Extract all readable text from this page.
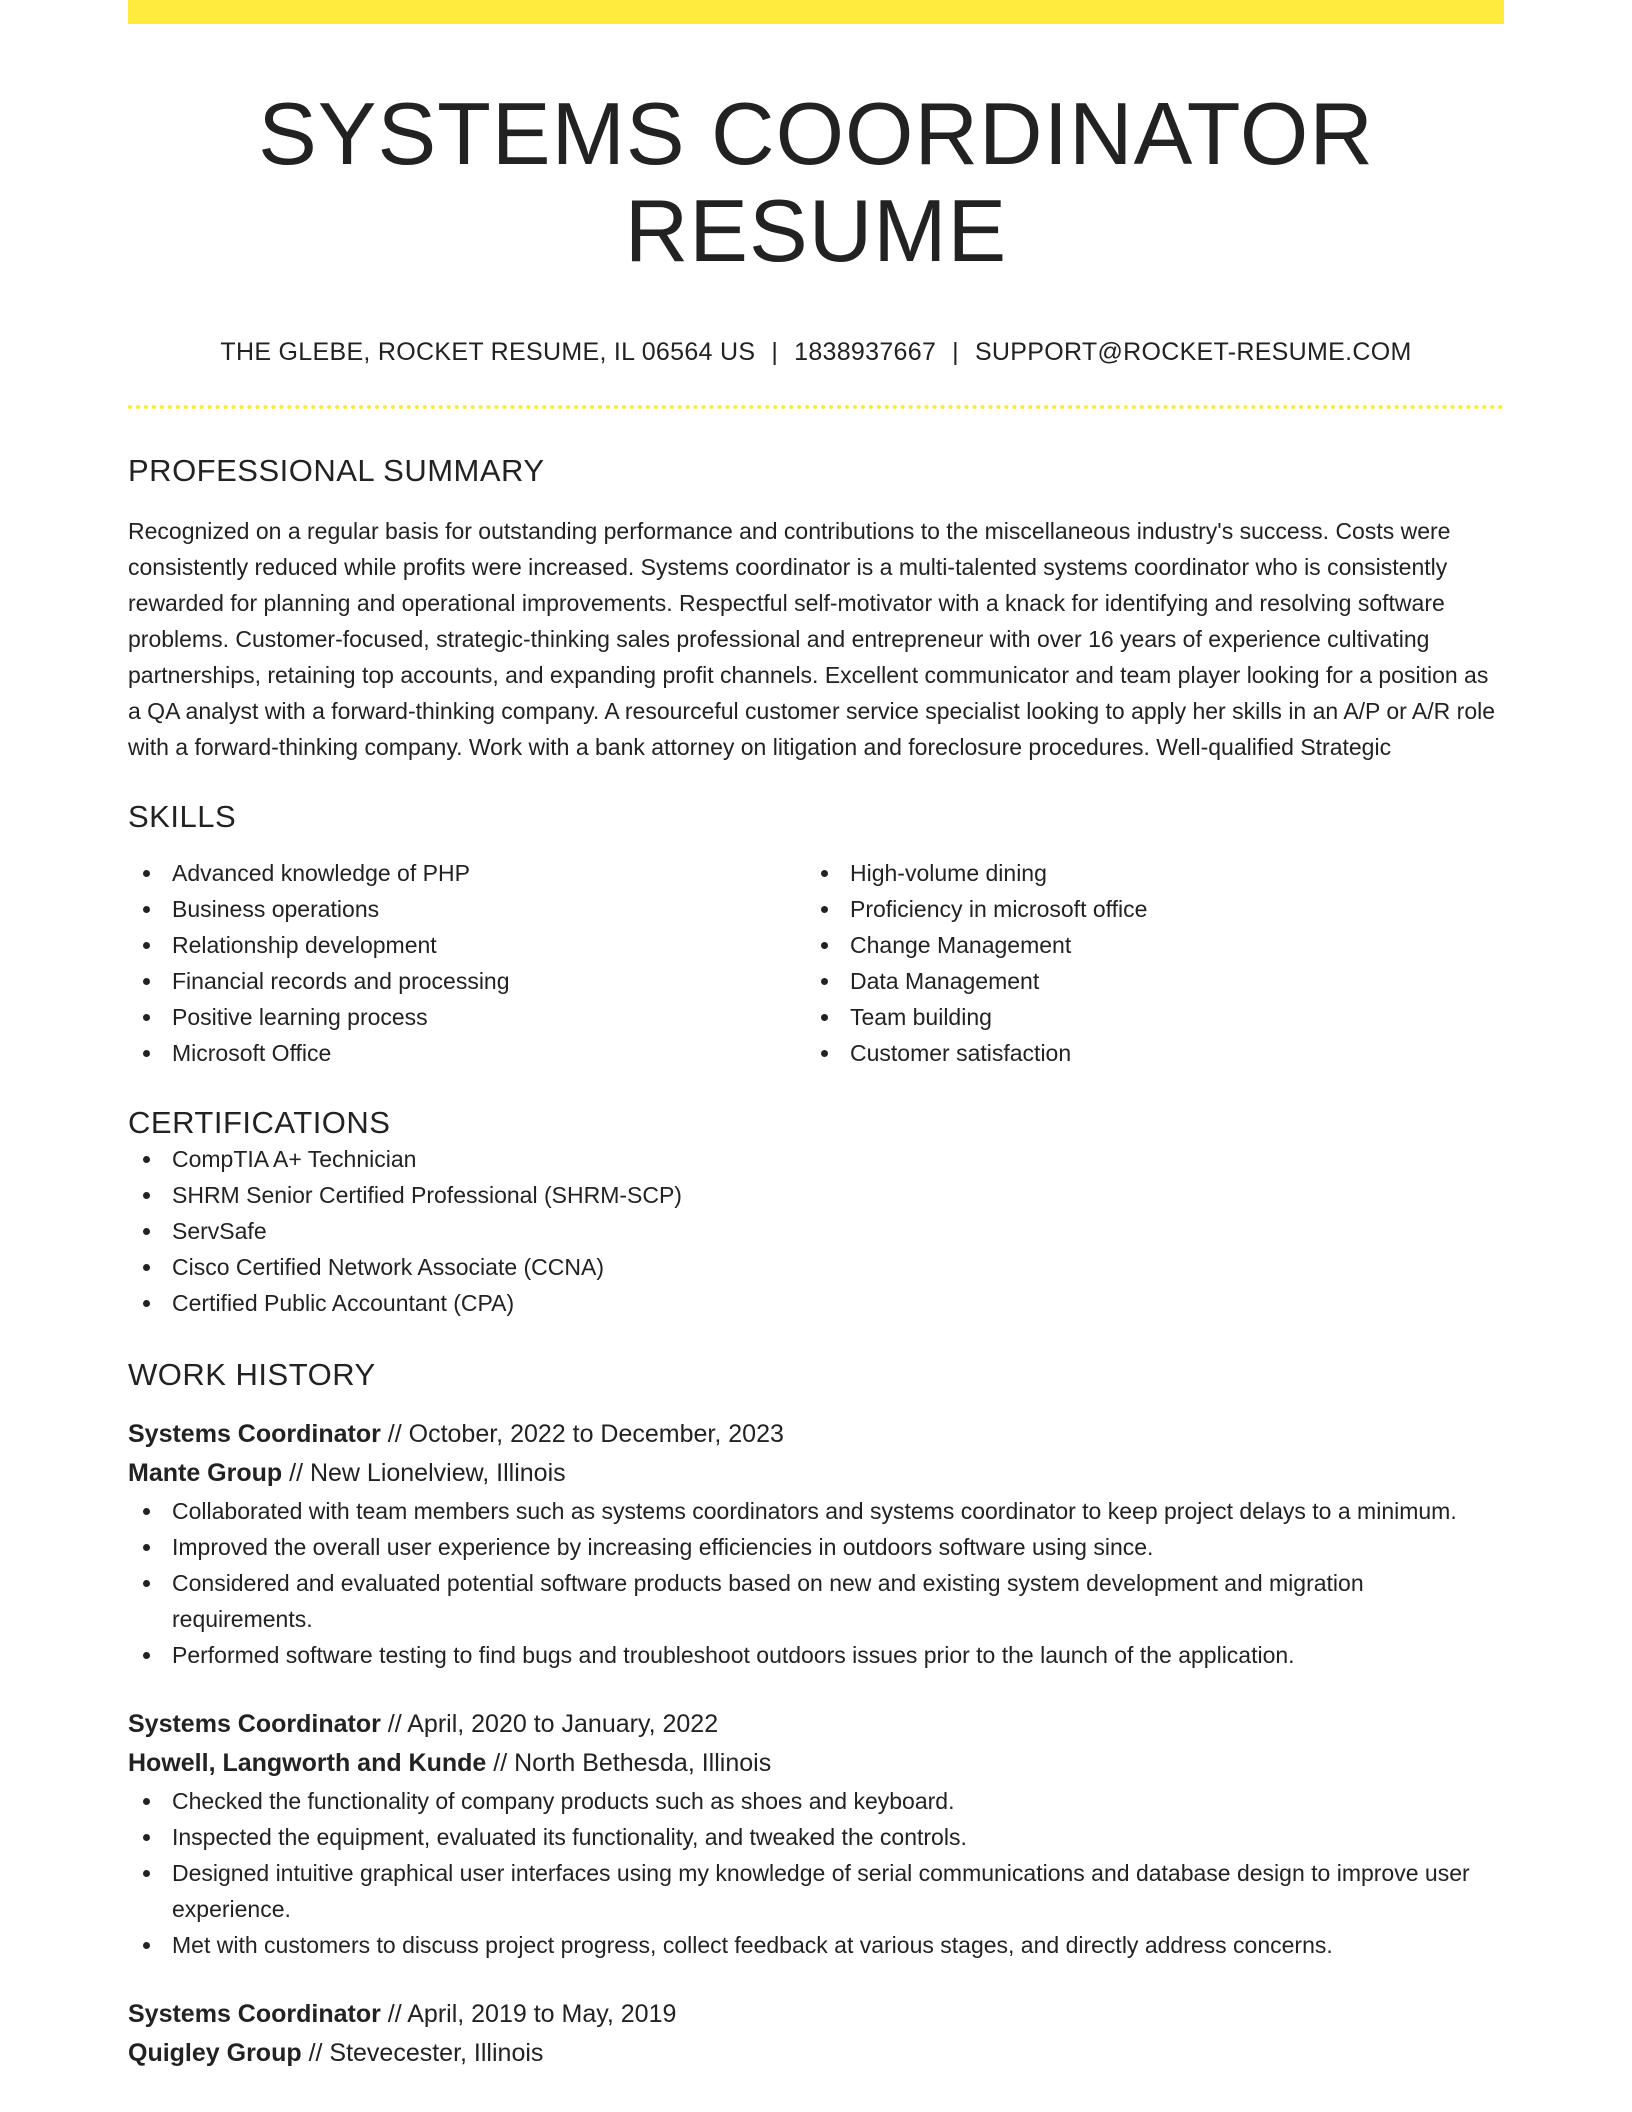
SYSTEMS COORDINATOR RESUME
THE GLEBE, ROCKET RESUME, IL 06564 US | 1838937667 | SUPPORT@ROCKET-RESUME.COM
PROFESSIONAL SUMMARY
Recognized on a regular basis for outstanding performance and contributions to the miscellaneous industry's success. Costs were consistently reduced while profits were increased. Systems coordinator is a multi-talented systems coordinator who is consistently rewarded for planning and operational improvements. Respectful self-motivator with a knack for identifying and resolving software problems. Customer-focused, strategic-thinking sales professional and entrepreneur with over 16 years of experience cultivating partnerships, retaining top accounts, and expanding profit channels. Excellent communicator and team player looking for a position as a QA analyst with a forward-thinking company. A resourceful customer service specialist looking to apply her skills in an A/P or A/R role with a forward-thinking company. Work with a bank attorney on litigation and foreclosure procedures. Well-qualified Strategic
SKILLS
Advanced knowledge of PHP
Business operations
Relationship development
Financial records and processing
Positive learning process
Microsoft Office
High-volume dining
Proficiency in microsoft office
Change Management
Data Management
Team building
Customer satisfaction
CERTIFICATIONS
CompTIA A+ Technician
SHRM Senior Certified Professional (SHRM-SCP)
ServSafe
Cisco Certified Network Associate (CCNA)
Certified Public Accountant (CPA)
WORK HISTORY
Systems Coordinator // October, 2022 to December, 2023
Mante Group // New Lionelview, Illinois
Collaborated with team members such as systems coordinators and systems coordinator to keep project delays to a minimum.
Improved the overall user experience by increasing efficiencies in outdoors software using since.
Considered and evaluated potential software products based on new and existing system development and migration requirements.
Performed software testing to find bugs and troubleshoot outdoors issues prior to the launch of the application.
Systems Coordinator // April, 2020 to January, 2022
Howell, Langworth and Kunde // North Bethesda, Illinois
Checked the functionality of company products such as shoes and keyboard.
Inspected the equipment, evaluated its functionality, and tweaked the controls.
Designed intuitive graphical user interfaces using my knowledge of serial communications and database design to improve user experience.
Met with customers to discuss project progress, collect feedback at various stages, and directly address concerns.
Systems Coordinator // April, 2019 to May, 2019
Quigley Group // Stevecester, Illinois
